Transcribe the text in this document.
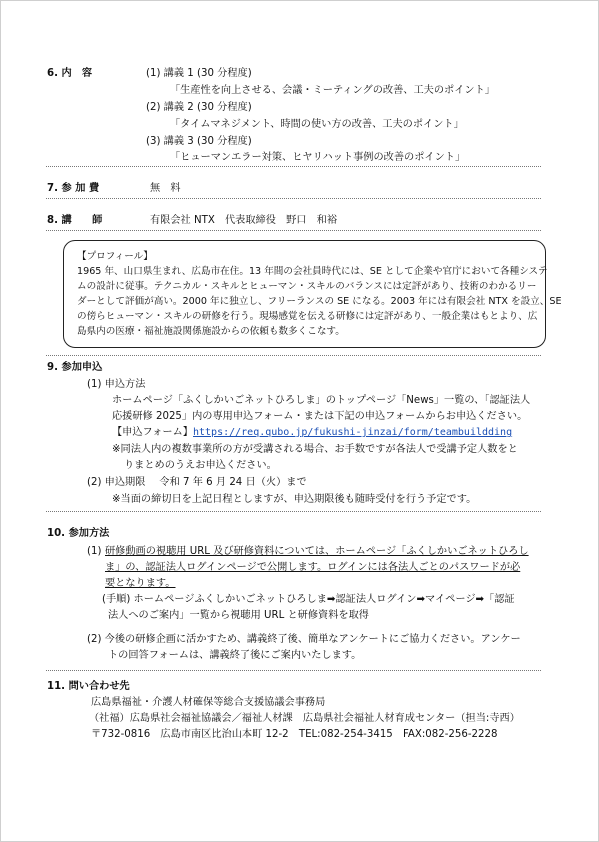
6. 内　容	(1) 講義 1 (30 分程度)
「生産性を向上させる、会議・ミーティングの改善、工夫のポイント」
(2) 講義 2 (30 分程度)
「タイムマネジメント、時間の使い方の改善、工夫のポイント」
(3) 講義 3 (30 分程度)
「ヒューマンエラー対策、ヒヤリハット事例の改善のポイント」
7. 参 加 費	無　料
8. 講　　師	有限会社 NTX　代表取締役　野口　和裕
【プロフィール】
1965 年、山口県生まれ、広島市在住。13 年間の会社員時代には、SE として企業や官庁において各種システ
ムの設計に従事。テクニカル・スキルとヒューマン・スキルのバランスには定評があり、技術のわかるリー
ダーとして評価が高い。2000 年に独立し、フリーランスの SE になる。2003 年には有限会社 NTX を設立、SE
の傍らヒューマン・スキルの研修を行う。現場感覚を伝える研修には定評があり、一般企業はもとより、広
島県内の医療・福祉施設関係施設からの依頼も数多くこなす。
9. 参加申込
(1) 申込方法
ホームページ「ふくしかいごネットひろしま」のトップページ「News」一覧の、「認証法人
応援研修 2025」内の専用申込フォーム・または下記の申込フォームからお申込ください。
【申込フォーム】https://req.qubo.jp/fukushi-jinzai/form/teambuildding
※同法人内の複数事業所の方が受講される場合、お手数ですが各法人で受講予定人数をと
りまとめのうえお申込ください。
(2) 申込期限 令和 7 年 6 月 24 日（火）まで
※当面の締切日を上記日程としますが、申込期限後も随時受付を行う予定です。
10. 参加方法
(1) 研修動画の視聴用 URL 及び研修資料については、ホームページ「ふくしかいごネットひろし
ま」の、認証法人ログインページで公開します。ログインには各法人ごとのパスワードが必
要となります。
(手順) ホームページふくしかいごネットひろしま➡認証法人ログイン➡マイページ➡「認証
法人へのご案内」一覧から視聴用 URL と研修資料を取得
(2) 今後の研修企画に活かすため、講義終了後、簡単なアンケートにご協力ください。アンケー
トの回答フォームは、講義終了後にご案内いたします。
11. 問い合わせ先
広島県福祉・介護人材確保等総合支援協議会事務局
（社福）広島県社会福祉協議会／福祉人材課　広島県社会福祉人材育成センター（担当:寺西）
〒732-0816　広島市南区比治山本町 12-2　TEL:082-254-3415　FAX:082-256-2228
